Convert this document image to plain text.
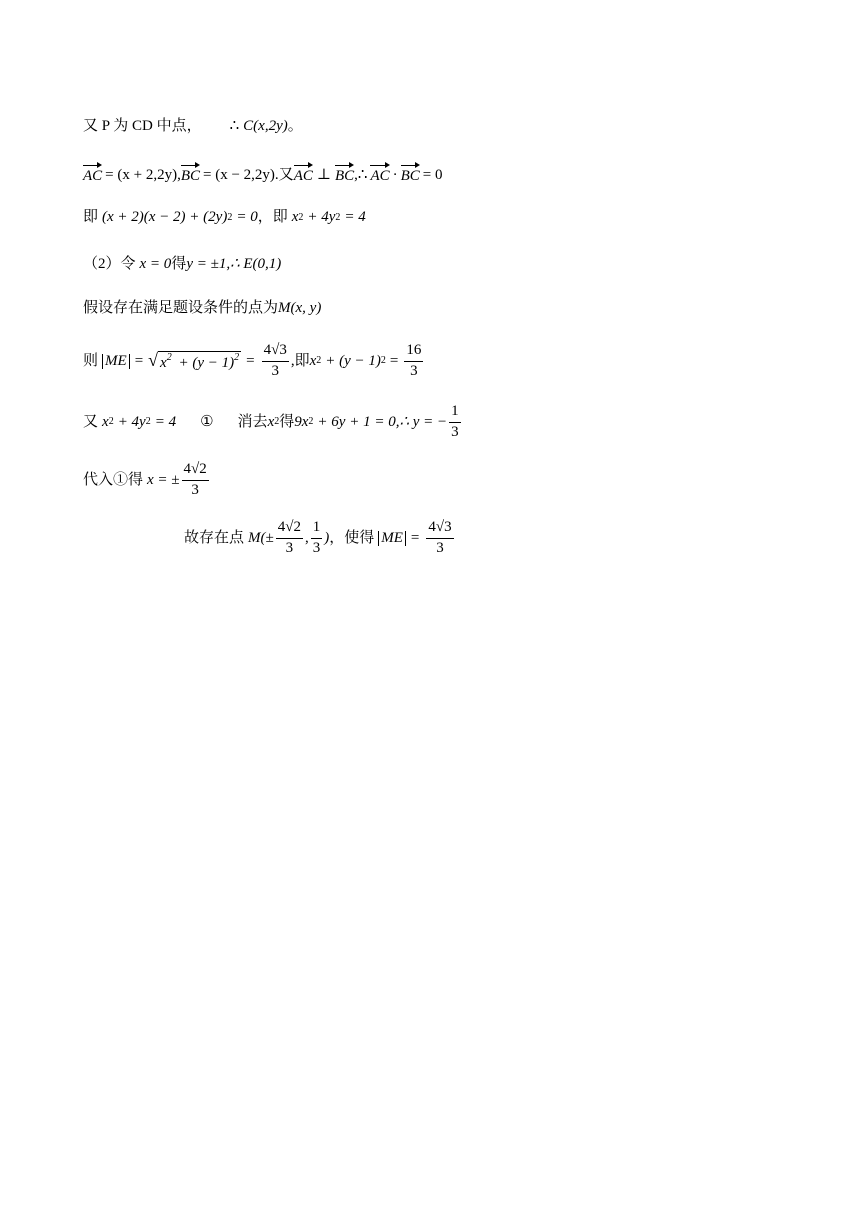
又 P 为 CD 中点， ∴ C(x,2y) 。
AC = (x + 2,2y), BC = (x − 2,2y).又 AC ⊥ BC ,∴ AC · BC = 0
即 (x + 2)(x − 2) + (2y) 2 = 0 ，即 x 2 + 4y 2 = 4
（2）令 x = 0 得 y = ±1,∴ E(0,1)
假设存在满足题设条件的点为 M(x, y)
则 ME = √ $x^2 + (y - 1)^2 = \frac{4√3}{3}$ ,即 x 2 + (y − 1) $2 = \frac{16}{3}$
又 x 2 + 4y 2 = 4 ① 消去 x 2 得 9x 2 + 6y + 1 = 0,∴ y = − $\frac{1}{3}$
代入①得 x = ± $\frac{4√2}{3}$
故存在点 $M(\pm \frac{4√2}{3}$ , $\frac{1}{3}$ ) ，使得 ME = $\frac{4√3}{3}$
